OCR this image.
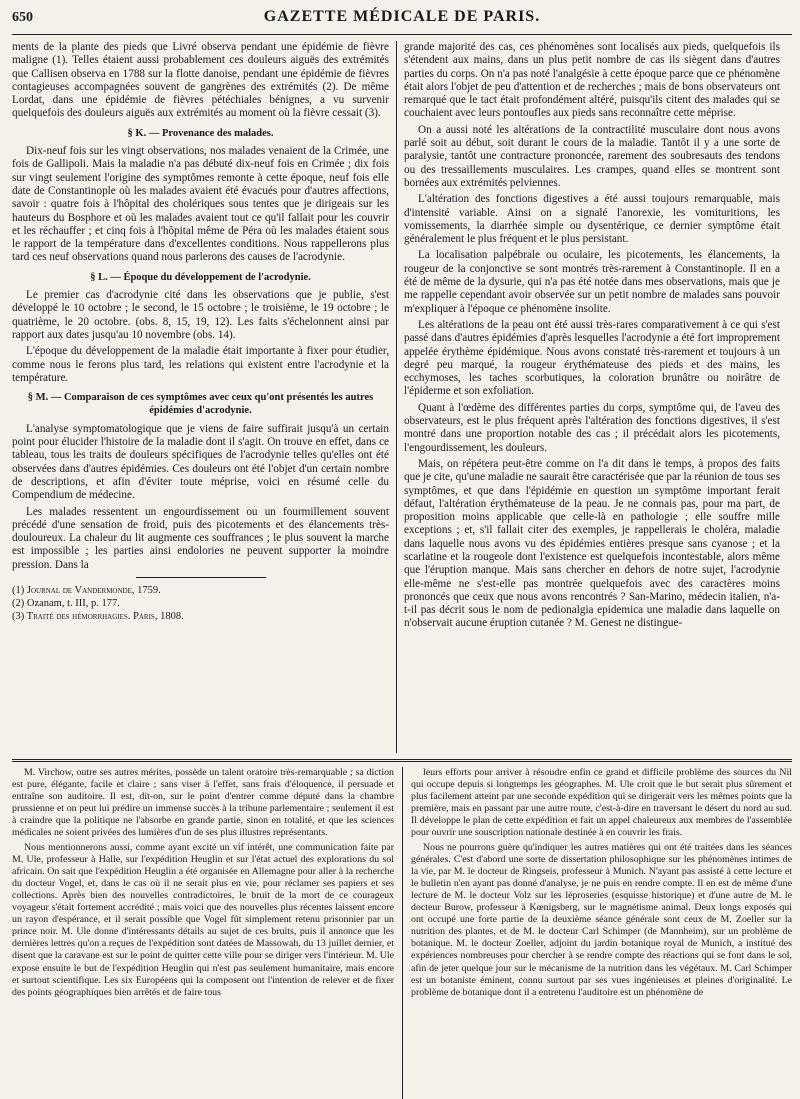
650	GAZETTE MÉDICALE DE PARIS.

ments de la plante des pieds que Livré observa pendant une épidémie de fièvre maligne (1). Telles étaient aussi probablement ces douleurs aiguës des extrémités que Callisen observa en 1788 sur la flotte danoise, pendant une épidémie de fièvres contagieuses accompagnées souvent de gangrènes des extrémités (2). De même Lordat, dans une épidémie de fièvres pétéchiales bénignes, a vu survenir quelquefois des douleurs aiguës aux extrémités au moment où la fièvre cessait (3).

§ K. — Provenance des malades.

Dix-neuf fois sur les vingt observations, nos malades venaient de la Crimée, une fois de Gallipoli. Mais la maladie n'a pas débuté dix-neuf fois en Crimée ; dix fois sur vingt seulement l'origine des symptômes remonte à cette époque, neuf fois elle date de Constantinople où les malades avaient été évacués pour d'autres affections, savoir : quatre fois à l'hôpital des cholériques sous tentes que je dirigeais sur les hauteurs du Bosphore et où les malades avaient tout ce qu'il fallait pour les couvrir et les réchauffer ; et cinq fois à l'hôpital même de Péra où les malades étaient sous le rapport de la température dans d'excellentes conditions. Nous rappellerons plus tard ces neuf observations quand nous parlerons des causes de l'acrodynie.

§ L. — Époque du développement de l'acrodynie.

Le premier cas d'acrodynie cité dans les observations que je publie, s'est développé le 10 octobre ; le second, le 15 octobre ; le troisième, le 19 octobre ; le quatrième, le 20 octobre. (obs. 8, 15, 19, 12). Les faits s'échelonnent ainsi par rapport aux dates jusqu'au 10 novembre (obs. 14).

L'époque du développement de la maladie était importante à fixer pour étudier, comme nous le ferons plus tard, les relations qui existent entre l'acrodynie et la température.

§ M. — Comparaison de ces symptômes avec ceux qu'ont présentés les autres épidémies d'acrodynie.

L'analyse symptomatologique que je viens de faire suffirait jusqu'à un certain point pour élucider l'histoire de la maladie dont il s'agit. On trouve en effet, dans ce tableau, tous les traits de douleurs spécifiques de l'acrodynie telles qu'elles ont été observées dans d'autres épidémies. Ces douleurs ont été l'objet d'un certain nombre de descriptions, et afin d'éviter toute méprise, voici en résumé celle du Compendium de médecine.

Les malades ressentent un engourdissement ou un fourmillement souvent précédé d'une sensation de froid, puis des picotements et des élancements très-douloureux. La chaleur du lit augmente ces souffrances ; le plus souvent la marche est impossible ; les parties ainsi endolories ne peuvent supporter la moindre pression. Dans la

(1) Journal de Vandermonde, 1759.
(2) Ozanam, t. III, p. 177.
(3) Traité des hémorrhagies. Paris, 1808.

grande majorité des cas, ces phénomènes sont localisés aux pieds, quelquefois ils s'étendent aux mains, dans un plus petit nombre de cas ils siègent dans d'autres parties du corps. On n'a pas noté l'analgésie à cette époque parce que ce phénomène était alors l'objet de peu d'attention et de recherches ; mais de bons observateurs ont remarqué que le tact était profondément altéré, puisqu'ils citent des malades qui se couchaient avec leurs pontoufles aux pieds sans reconnaître cette méprise.

On a aussi noté les altérations de la contractilité musculaire dont nous avons parlé soit au début, soit durant le cours de la maladie. Tantôt il y a une sorte de paralysie, tantôt une contracture prononcée, rarement des soubresauts des tendons ou des tressaillements musculaires. Les crampes, quand elles se montrent sont bornées aux extrémités pelviennes.

L'altération des fonctions digestives a été aussi toujours remarquable, mais d'intensité variable. Ainsi on a signalé l'anorexie, les vomituritions, les vomissements, la diarrhée simple ou dysentérique, ce dernier symptôme était généralement le plus fréquent et le plus persistant.

La localisation palpébrale ou oculaire, les picotements, les élancements, la rougeur de la conjonctive se sont montrés très-rarement à Constantinople. Il en a été de même de la dysurie, qui n'a pas été notée dans mes observations, mais que je me rappelle cependant avoir observée sur un petit nombre de malades sans pouvoir m'expliquer à l'époque ce phénomène insolite.

Les altérations de la peau ont été aussi très-rares comparativement à ce qui s'est passé dans d'autres épidémies d'après lesquelles l'acrodynie a été fort improprement appelée érythème épidémique. Nous avons constaté très-rarement et toujours à un degré peu marqué, la rougeur érythémateuse des pieds et des mains, les ecchymoses, les taches scorbutiques, la coloration brunâtre ou noirâtre de l'épiderme et son exfoliation.

Quant à l'œdème des différentes parties du corps, symptôme qui, de l'aveu des observateurs, est le plus fréquent après l'altération des fonctions digestives, il s'est montré dans une proportion notable des cas ; il précédait alors les picotements, l'engourdissement, les douleurs.

Mais, on répétera peut-être comme on l'a dit dans le temps, à propos des faits que je cite, qu'une maladie ne saurait être caractérisée que par la réunion de tous ses symptômes, et que dans l'épidémie en question un symptôme important ferait défaut, l'altération érythémateuse de la peau. Je ne connais pas, pour ma part, de proposition moins applicable que celle-là en pathologie ; elle souffre mille exceptions ; et, s'il fallait citer des exemples, je rappellerais le choléra, maladie dans laquelle nous avons vu des épidémies entières presque sans cyanose ; et la scarlatine et la rougeole dont l'existence est quelquefois incontestable, alors même que l'éruption manque. Mais sans chercher en dehors de notre sujet, l'acrodynie elle-même ne s'est-elle pas montrée quelquefois avec des caractères moins prononcés que ceux que nous avons rencontrés ? San-Marino, médecin italien, n'a-t-il pas décrit sous le nom de pedionalgia epidemica une maladie dans laquelle on n'observait aucune éruption cutanée ? M. Genest ne distingue-

M. Virchow, outre ses autres mérites, possède un talent oratoire très-remarquable ; sa diction est pure, élégante, facile et claire ; sans viser à l'effet, sans frais d'éloquence, il persuade et entraîne son auditoire. Il est, dit-on, sur le point d'entrer comme député dans la chambre prussienne et on peut lui prédire un immense succès à la tribune parlementaire ; seulement il est à craindre que la politique ne l'absorbe en grande partie, sinon en totalité, et que les sciences médicales ne soient privées des lumières d'un de ses plus illustres représentants.

Nous mentionnerons aussi, comme ayant excité un vif intérêt, une communication faite par M. Ule, professeur à Halle, sur l'expédition Heuglin et sur l'état actuel des explorations du sol africain. On sait que l'expédition Heuglin a été organisée en Allemagne pour aller à la recherche du docteur Vogel, et, dans le cas où il ne serait plus en vie, pour réclamer ses papiers et ses collections. Après bien des nouvelles contradictoires, le bruit de la mort de ce courageux voyageur s'était fortement accrédité ; mais voici que des nouvelles plus récentes laissent encore un rayon d'espérance, et il serait possible que Vogel fût simplement retenu prisonnier par un prince noir. M. Ule donne d'intéressants détails au sujet de ces bruits, puis il annonce que les dernières lettres qu'on a reçues de l'expédition sont datées de Massowah, du 13 juillet dernier, et disent que la caravane est sur le point de quitter cette ville pour se diriger vers l'intérieur. M. Ule expose ensuite le but de l'expédition Heuglin qui n'est pas seulement humanitaire, mais encore et surtout scientifique. Les six Européens qui la composent ont l'intention de relever et de fixer des points géographiques bien arrêtés et de faire tous

leurs efforts pour arriver à résoudre enfin ce grand et difficile problème des sources du Nil qui occupe depuis si longtemps les géographes. M. Ule croit que le but serait plus sûrement et plus facilement atteint par une seconde expédition qui se dirigerait vers les mêmes points que la première, mais en passant par une autre route, c'est-à-dire en traversant le désert du nord au sud. Il développe le plan de cette expédition et fait un appel chaleureux aux membres de l'assemblée pour ouvrir une souscription nationale destinée à en couvrir les frais.

Nous ne pourrons guère qu'indiquer les autres matières qui ont été traitées dans les séances générales. C'est d'abord une sorte de dissertation philosophique sur les phénomènes intimes de la vie, par M. le docteur de Ringseis, professeur à Munich. N'ayant pas assisté à cette lecture et le bulletin n'en ayant pas donné d'analyse, je ne puis en rendre compte. Il en est de même d'une lecture de M. le docteur Volz sur les léproseries (esquisse historique) et d'une autre de M. le docteur Burow, professeur à Kœnigsberg, sur le magnétisme animal. Deux longs exposés qui ont occupé une forte partie de la deuxième séance générale sont ceux de M. Zoeller sur la nutrition des plantes, et de M. le docteur Carl Schimper (de Mannheim), sur un problème de botanique. M. le docteur Zoeller, adjoint du jardin botanique royal de Munich, a institué des expériences nombreuses pour chercher à se rendre compte des réactions qui se font dans le sol, afin de jeter quelque jour sur le mécanisme de la nutrition dans les végétaux. M. Carl Schimper est un botaniste éminent, connu surtout par ses vues ingénieuses et pleines d'originalité. Le problème de botanique dont il a entretenu l'auditoire est un phénomène de
